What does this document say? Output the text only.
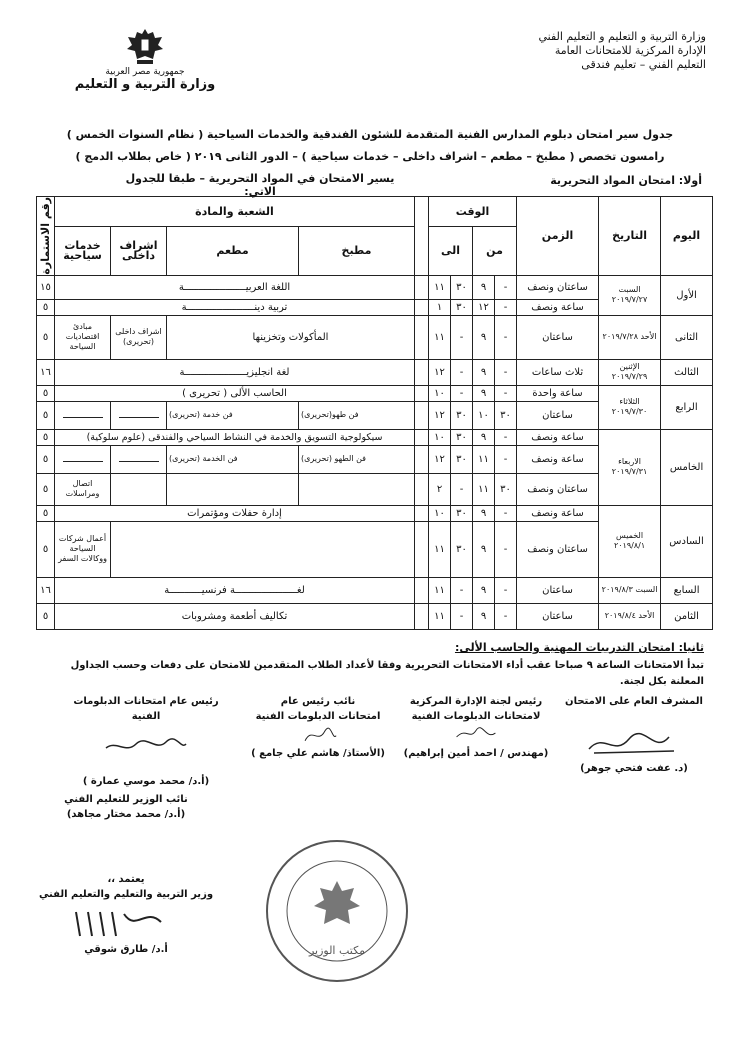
وزارة التربية و التعليم و التعليم الفني
الإدارة المركزية للامتحانات العامة
التعليم الفني – تعليم فندقى
جمهورية مصر العربية
وزارة التربية و التعليم
جدول سير امتحان دبلوم المدارس الفنية المتقدمة للشئون الفندقية والخدمات السياحية ( نظام السنوات الخمس )
رامسون تخصص ( مطبخ – مطعم – اشراف داخلى – خدمات سياحية ) – الدور الثانى ٢٠١٩ ( خاص بطلاب الدمج )
أولا: امتحان المواد التحريرية
يسير الامتحان في المواد التحريرية – طبقا للجدول الاتي:
اليوم	التاريخ	الزمن	الوقت					الشعبة والمادة				رقم الاستمارة

			من		الى			مطبخ	مطعم	اشراف داخلى	خدمات سياحية	

الأول	السبت ٢٠١٩/٧/٢٧	ساعتان ونصف	-	٩	٣٠	١١		اللغة العربيـــــــــــــــــــــة				١٥
		ساعة ونصف	-	١٢	٣٠	١		تربية دينـــــــــــــــــــــــة				٥
الثانى	الأحد ٢٠١٩/٧/٢٨	ساعتان	-	٩	-	١١		المأكولات وتخزينها		اشراف داخلى (تحريرى)	مبادئ اقتصاديات السياحة	٥
الثالث	الإثنين ٢٠١٩/٧/٢٩	ثلاث ساعات	-	٩	-	١٢		لغة انجليزيـــــــــــــــــــــة				١٦
الرابع	الثلاثاء ٢٠١٩/٧/٣٠	ساعة واحدة	-	٩	-	١٠		الحاسب الألى ( تحريرى )				٥
		ساعتان	٣٠	١٠	٣٠	١٢		فن طهو(تحريرى)	فن خدمة (تحريرى)			٥
الخامس	الاربعاء ٢٠١٩/٧/٣١	ساعة ونصف	-	٩	٣٠	١٠		سيكولوجية التسويق والخدمة في النشاط السياحي والفندقى (علوم سلوكية)				٥
		ساعة ونصف	-	١١	٣٠	١٢		فن الطهو (تحريرى)	فن الخدمة (تحريرى)			٥
		ساعتان ونصف	٣٠	١١	-	٢					اتصال ومراسلات	٥
السادس	الخميس ٢٠١٩/٨/١	ساعة ونصف	-	٩	٣٠	١٠		إدارة حفلات ومؤتمرات				٥
		ساعتان ونصف	-	٩	٣٠	١١					أعمال شركات السياحة ووكالات السفر	٥
السابع	السبت ٢٠١٩/٨/٣	ساعتان	-	٩	-	١١		لغـــــــــــــــــــــة فرنسيـــــــــــة				١٦
الثامن	الأحد ٢٠١٩/٨/٤	ساعتان	-	٩	-	١١		تكاليف أطعمة ومشروبات				٥
ثانيا: امتحان التدريبات المهنية والحاسب الألى:
تبدأ الامتحانات الساعة ٩ صباحا عقب أداء الامتحانات التحريرية وفقا لأعداد الطلاب المتقدمين للامتحان على دفعات وحسب الجداول المعلنة بكل لجنة.
المشرف العام على الامتحان
(د. عفت فتحي جوهر)
رئيس لجنة الإدارة المركزية
لامتحانات الدبلومات الفنية
(مهندس / احمد أمين إبراهيم)
نائب رئيس عام
امتحانات الدبلومات الفنية
(الأستاذ/ هاشم علي جامع )
رئيس عام امتحانات الدبلومات الفنية
(أ.د/ محمد موسي عمارة )
نائب الوزير للتعليم الفني
(أ.د/ محمد مختار مجاهد)
يعتمد ،،
وزير التربية والتعليم والتعليم الفني
أ.د/ طارق شوقي	مكتب الوزير
